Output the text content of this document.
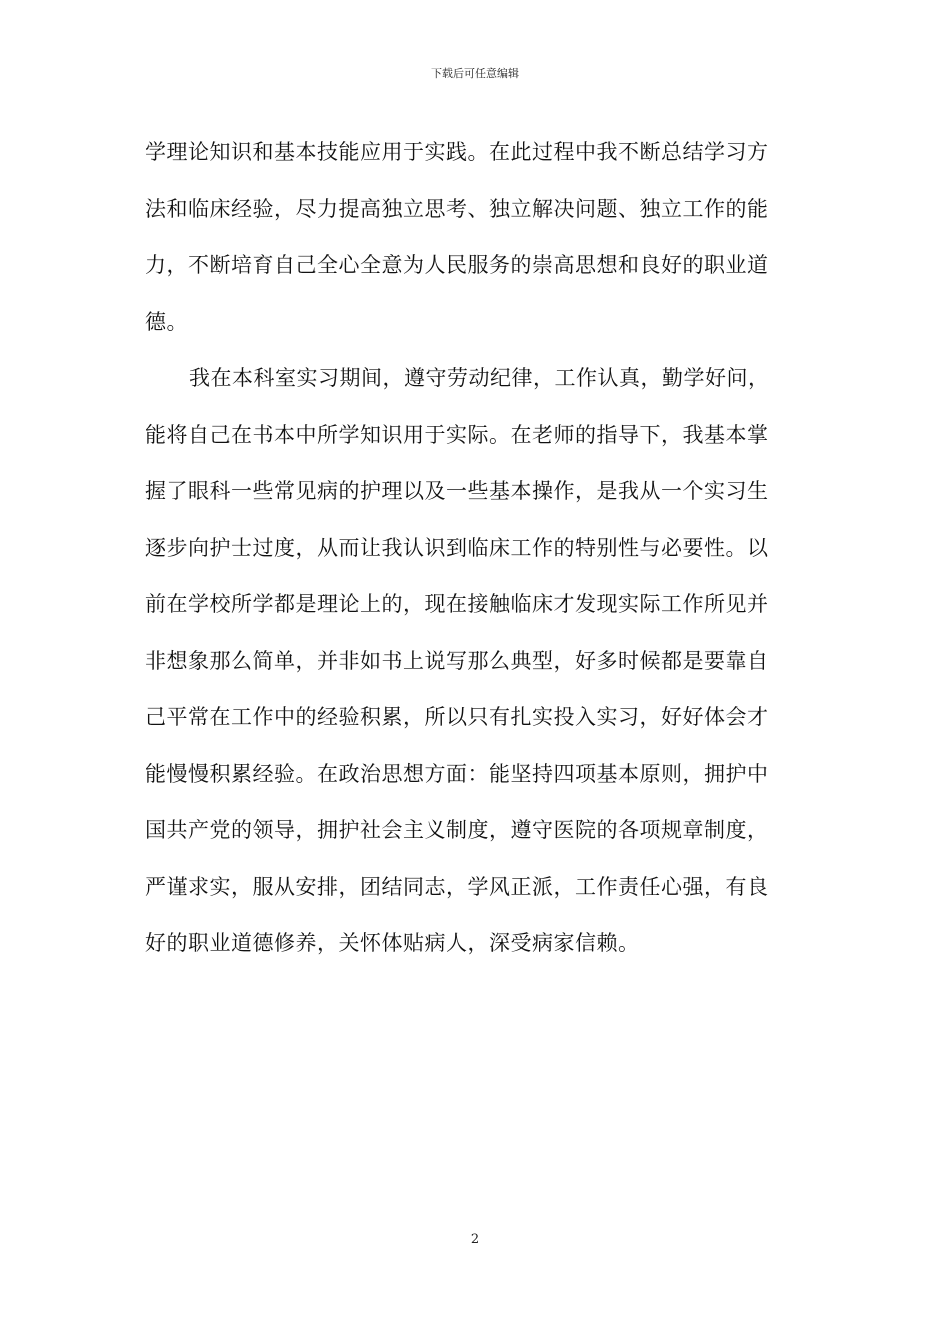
下载后可任意编辑
学理论知识和基本技能应用于实践。在此过程中我不断总结学习方
法和临床经验，尽力提高独立思考、独立解决问题、独立工作的能
力，不断培育自己全心全意为人民服务的崇高思想和良好的职业道
德。
我在本科室实习期间，遵守劳动纪律，工作认真，勤学好问，
能将自己在书本中所学知识用于实际。在老师的指导下，我基本掌
握了眼科一些常见病的护理以及一些基本操作，是我从一个实习生
逐步向护士过度，从而让我认识到临床工作的特别性与必要性。以
前在学校所学都是理论上的，现在接触临床才发现实际工作所见并
非想象那么简单，并非如书上说写那么典型，好多时候都是要靠自
己平常在工作中的经验积累，所以只有扎实投入实习，好好体会才
能慢慢积累经验。在政治思想方面：能坚持四项基本原则，拥护中
国共产党的领导，拥护社会主义制度，遵守医院的各项规章制度，
严谨求实，服从安排，团结同志，学风正派，工作责任心强，有良
好的职业道德修养，关怀体贴病人，深受病家信赖。
2
